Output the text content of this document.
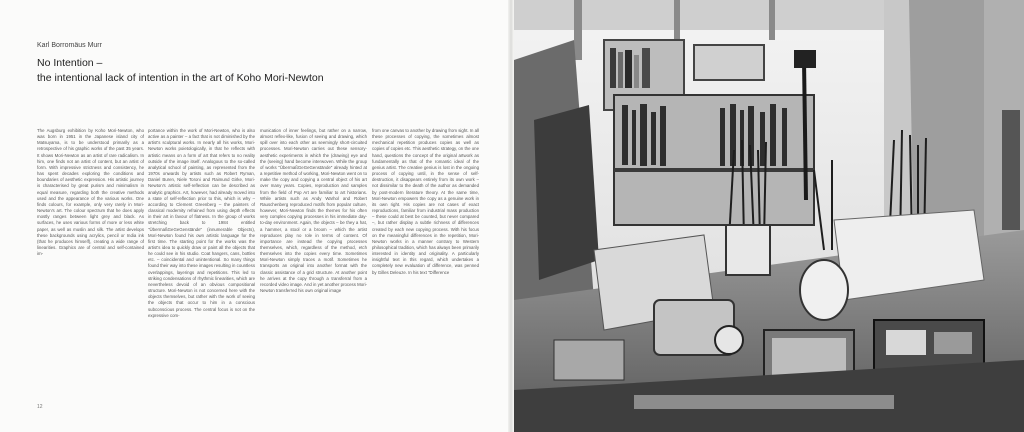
Karl Borromäus Murr
No Intention –
the intentional lack of intention in the art of Koho Mori-Newton
The Augsburg exhibition by Koho Mori-Newton, who was born in 1951 in the Japanese island city of Matsuyama, is to be understood primarily as a retrospective of his graphic works of the past 35 years. It shows Mori-Newton as an artist of rare radicalism. In him, one finds not an artist of content, but an artist of form. With impressive strictness and consistency, he has spent decades exploring the conditions and boundaries of aesthetic expression. His artistic journey is characterised by great purism and minimalism in equal measure, regarding both the creative methods used and the appearance of the various works. One finds colours, for example, only very rarely in Mori-Newton's art. The colour spectrum that he does apply mostly ranges between light grey and black. As surfaces, he uses various forms of more or less white paper, as well as muslin and silk. The artist develops these backgrounds using acrylics, pencil or India ink (that he produces himself), creating a wide range of linearities. Graphics are of central and self-contained im-
portance within the work of Mori-Newton, who is also active as a painter – a fact that is not diminished by the artist's sculptural works. In nearly all his works, Mori-Newton works poietologically, in that he reflects with artistic means on a form of art that refers to no reality outside of the image itself. Analogous to the so-called analytical school of painting, as represented from the 1970s onwards by artists such as Robert Ryman, Daniel Buren, Niele Toroni and Raimund Girke, Mori-Newton's artistic self-reflection can be described as analytic graphics. Art, however, had already moved into a state of self-reflection prior to this, which is why – according to Clement Greenberg – the painters of classical modernity refrained from using depth effects in their art in favour of flatness. In the group of works stretching back to 1984 entitled "ÜbermaßGeGeGenstände" (innumerable Objects), Mori-Newton found his own artistic language for the first time. The starting point for the works was the artist's idea to quickly draw or paint all the objects that he could see in his studio. Coat hangers, cans, bottles etc. – coincidental and unintentional. So many things found their way into these images resulting in countless overlappings, layerings and repetitions. This led to striking condensations of rhythmic linearities, which are nevertheless devoid of an obvious compositional structure. Mori-Newton is not concerned here with the objects themselves, but rather with the work of seeing the objects that occur to him in a conscious subconscious process. The central focus is not on the expressive com-
munication of inner feelings, but rather on a narrow, almost reflex-like, fusion of seeing and drawing, which spill over into each other as seemingly short-circuited processes. Mori-Newton carries out these sensory-aesthetic experiments in which the (drawing) eye and the (seeing) hand become interwoven. While the group of works "ÜbermaßGeGeGenstände" already hinted at a repetitive method of working, Mori-Newton went on to make the copy and copying a central object of his art over many years. Copies, reproduction and samples from the field of Pop Art are familiar to art historians. While artists such as Andy Warhol and Robert Rauschenberg reproduced motifs from popular culture, however, Mori-Newton finds the themes for his often very complex copying processes in his immediate day-to-day environment. Again, the objects – be they a hat, a hammer, a stool or a broom – which the artist reproduces play no role in terms of content. Of importance are instead the copying processes themselves, which, regardless of the method, etch themselves into the copies every time. Sometimes Mori-Newton simply traces a motif. Sometimes he transports an original into another format with the classic assistance of a grid structure. At another point he arrives at the copy through a transferral from a recorded video image. And in yet another process Mori-Newton transferred his own original image
from one canvas to another by drawing from sight. In all these processes of copying, the sometimes almost mechanical repetition produces copies as well as copies of copies etc. This aesthetic strategy, on the one hand, questions the concept of the original artwork as fundamentally as that of the romantic ideal of the genius artist. The creative genius is lost in the ongoing process of copying until, in the sense of self-destruction, it disappears entirely from its own work – not dissimilar to the death of the author as demanded by post-modern literature theory. At the same time, Mori-Newton empowers the copy as a genuine work in its own right. His copies are not cases of exact reproductions, familiar from industrial mass production – these could at best be counted, but never compared –, but rather display a subtle richness of differences created by each new copying process. With his focus on the meaningful differences in the repetition, Mori-Newton works in a manner contrary to Western philosophical tradition, which has always been primarily interested in identity and originality. A particularly insightful text in this regard, which undertakes a completely new evaluation of difference, was penned by Gilles Deleuze. In his text "Difference
12
